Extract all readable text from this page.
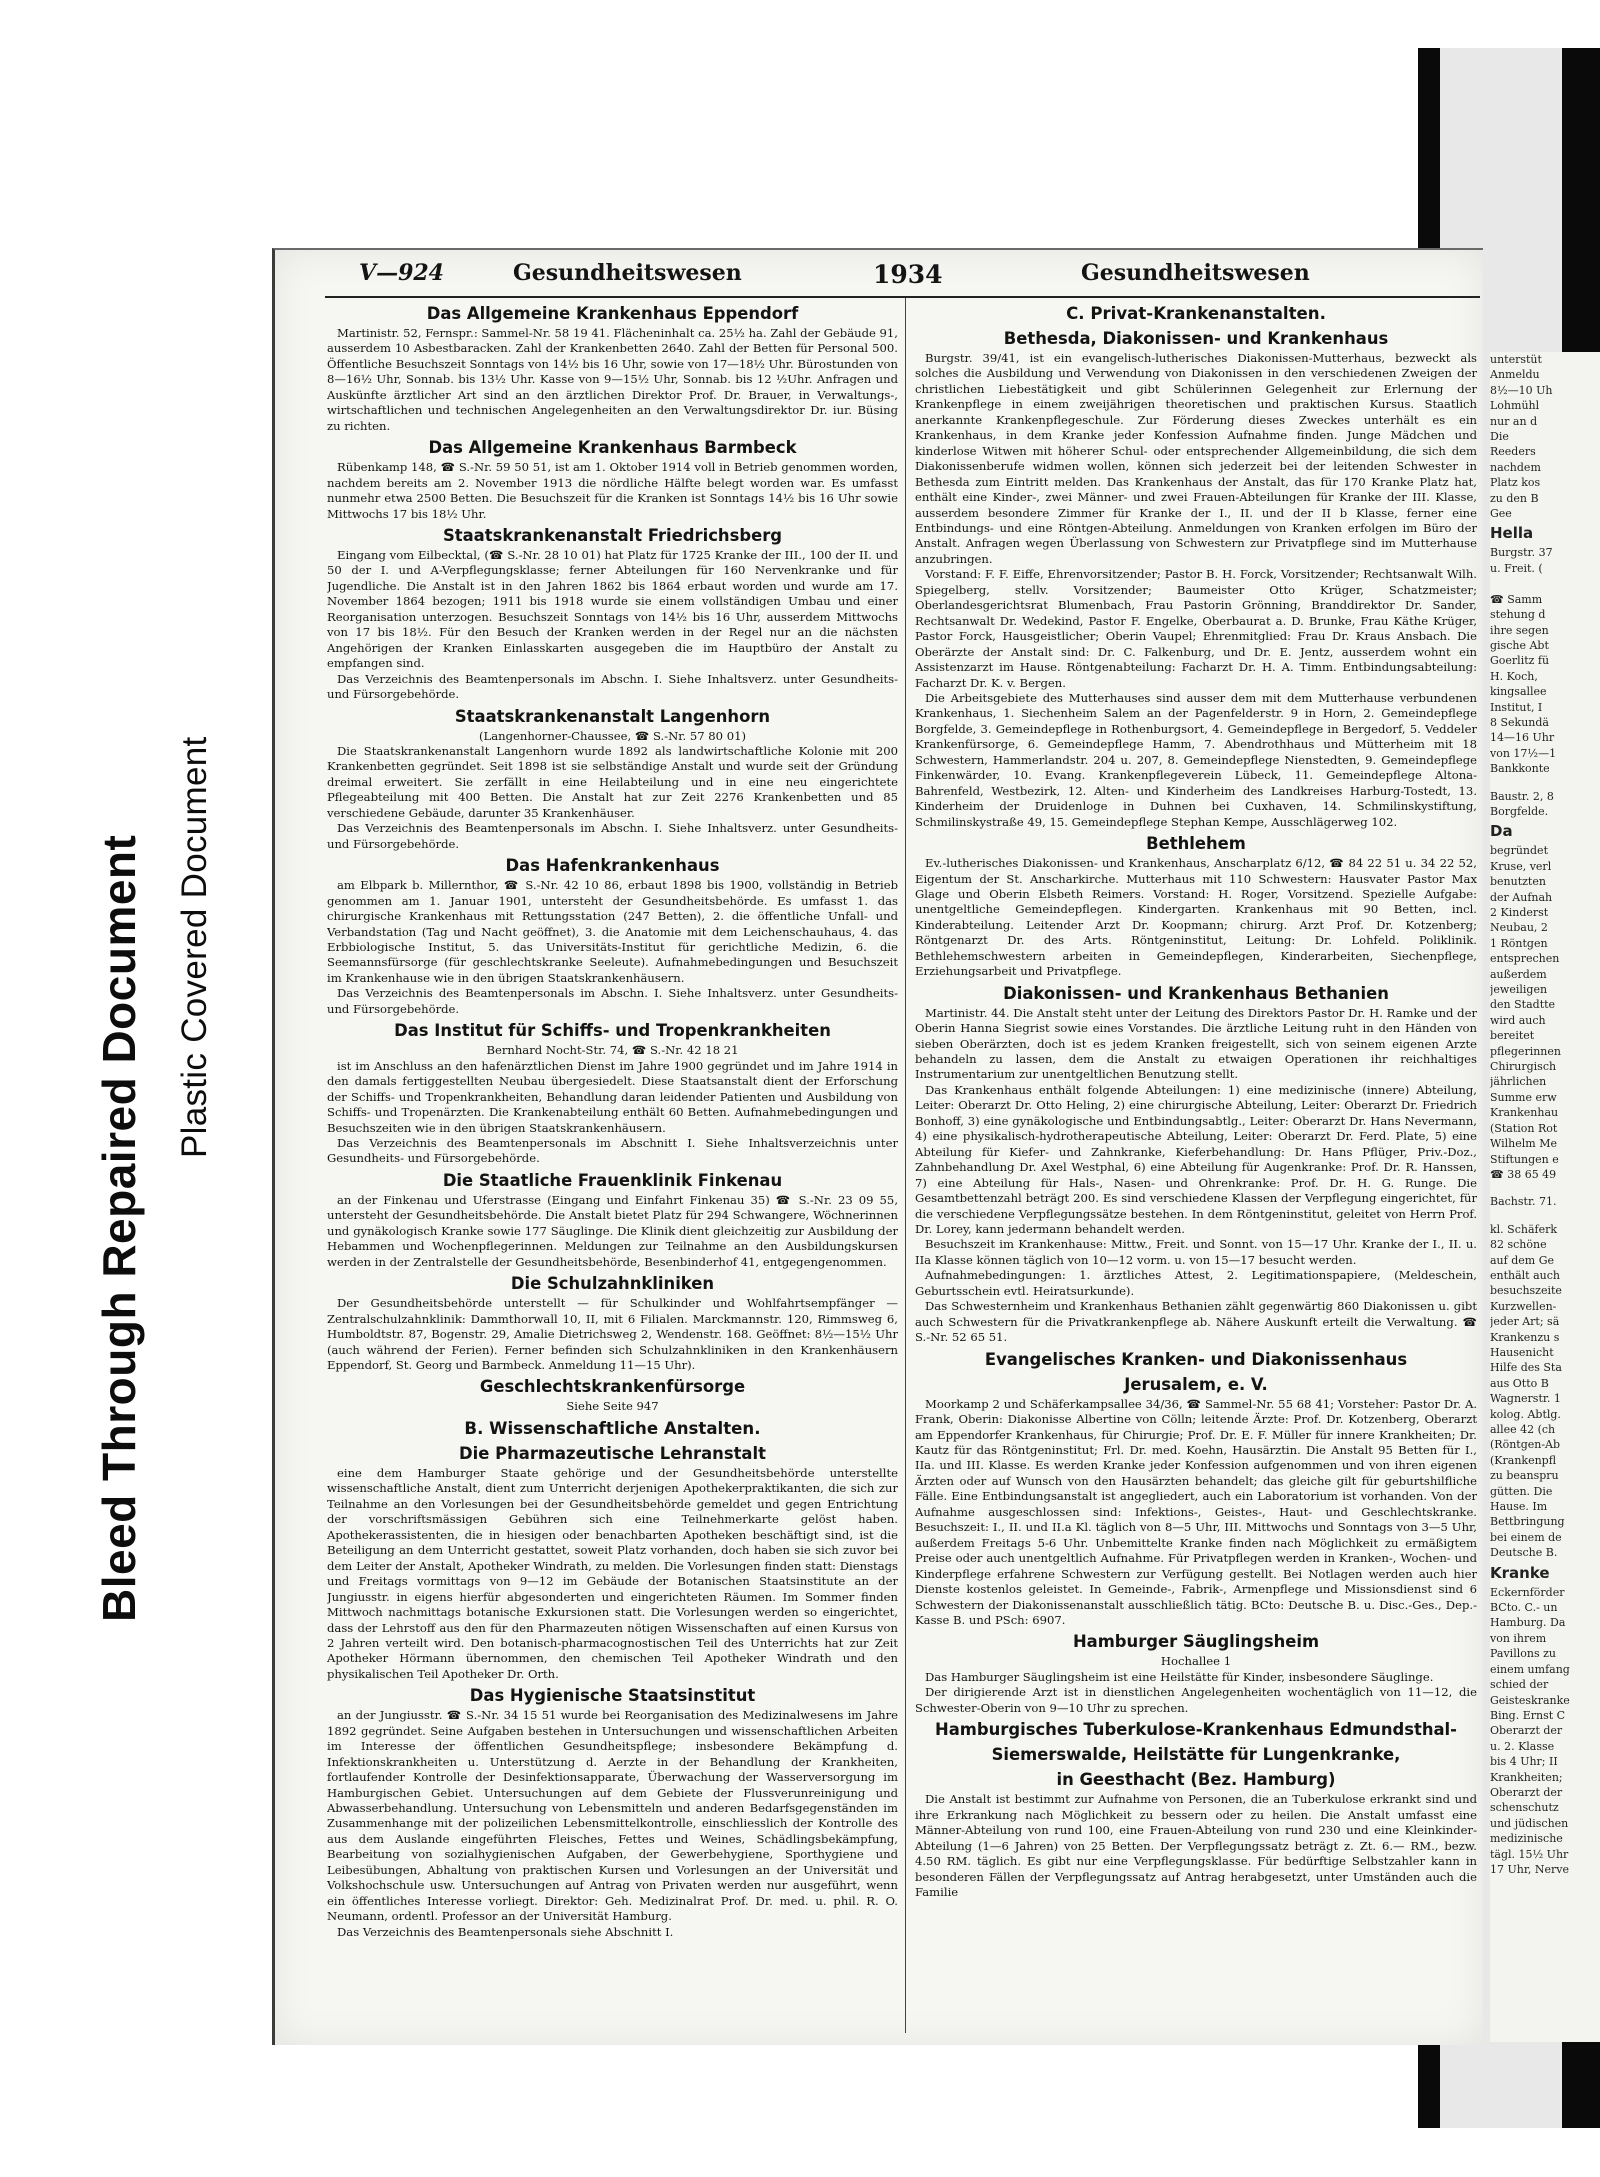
Bleed Through Repaired Document Plastic Covered Document
V—924	Gesundheitswesen	1934	Gesundheitswesen
Das Allgemeine Krankenhaus Eppendorf

Martinistr. 52, Fernspr.: Sammel-Nr. 58 19 41. Flächeninhalt ca. 25½ ha. Zahl der Gebäude 91, ausserdem 10 Asbestbaracken. Zahl der Krankenbetten 2640. Zahl der Betten für Personal 500. Öffentliche Besuchszeit Sonntags von 14½ bis 16 Uhr, sowie von 17—18½ Uhr. Bürostunden von 8—16½ Uhr, Sonnab. bis 13½ Uhr. Kasse von 9—15½ Uhr, Sonnab. bis 12 ½Uhr. Anfragen und Auskünfte ärztlicher Art sind an den ärztlichen Direktor Prof. Dr. Brauer, in Verwaltungs-, wirtschaftlichen und technischen Angelegenheiten an den Verwaltungsdirektor Dr. iur. Büsing zu richten.

Das Allgemeine Krankenhaus Barmbeck

Rübenkamp 148, ☎ S.-Nr. 59 50 51, ist am 1. Oktober 1914 voll in Betrieb genommen worden, nachdem bereits am 2. November 1913 die nördliche Hälfte belegt worden war. Es umfasst nunmehr etwa 2500 Betten. Die Besuchszeit für die Kranken ist Sonntags 14½ bis 16 Uhr sowie Mittwochs 17 bis 18½ Uhr.

Staatskrankenanstalt Friedrichsberg

Eingang vom Eilbecktal, (☎ S.-Nr. 28 10 01) hat Platz für 1725 Kranke der III., 100 der II. und 50 der I. und A-Verpflegungsklasse; ferner Abteilungen für 160 Nervenkranke und für Jugendliche. Die Anstalt ist in den Jahren 1862 bis 1864 erbaut worden und wurde am 17. November 1864 bezogen; 1911 bis 1918 wurde sie einem vollständigen Umbau und einer Reorganisation unterzogen. Besuchszeit Sonntags von 14½ bis 16 Uhr, ausserdem Mittwochs von 17 bis 18½. Für den Besuch der Kranken werden in der Regel nur an die nächsten Angehörigen der Kranken Einlasskarten ausgegeben die im Hauptbüro der Anstalt zu empfangen sind.

Das Verzeichnis des Beamtenpersonals im Abschn. I. Siehe Inhaltsverz. unter Gesundheits- und Fürsorgebehörde.

Staatskrankenanstalt Langenhorn
(Langenhorner-Chaussee, ☎ S.-Nr. 57 80 01)

Die Staatskrankenanstalt Langenhorn wurde 1892 als landwirtschaftliche Kolonie mit 200 Krankenbetten gegründet. Seit 1898 ist sie selbständige Anstalt und wurde seit der Gründung dreimal erweitert. Sie zerfällt in eine Heilabteilung und in eine neu eingerichtete Pflegeabteilung mit 400 Betten. Die Anstalt hat zur Zeit 2276 Krankenbetten und 85 verschiedene Gebäude, darunter 35 Krankenhäuser.

Das Verzeichnis des Beamtenpersonals im Abschn. I. Siehe Inhaltsverz. unter Gesundheits- und Fürsorgebehörde.

Das Hafenkrankenhaus

am Elbpark b. Millernthor, ☎ S.-Nr. 42 10 86, erbaut 1898 bis 1900, vollständig in Betrieb genommen am 1. Januar 1901, untersteht der Gesundheitsbehörde. Es umfasst 1. das chirurgische Krankenhaus mit Rettungsstation (247 Betten), 2. die öffentliche Unfall- und Verbandstation (Tag und Nacht geöffnet), 3. die Anatomie mit dem Leichenschauhaus, 4. das Erbbiologische Institut, 5. das Universitäts-Institut für gerichtliche Medizin, 6. die Seemannsfürsorge (für geschlechtskranke Seeleute). Aufnahmebedingungen und Besuchszeit im Krankenhause wie in den übrigen Staatskrankenhäusern.

Das Verzeichnis des Beamtenpersonals im Abschn. I. Siehe Inhaltsverz. unter Gesundheits- und Fürsorgebehörde.

Das Institut für Schiffs- und Tropenkrankheiten
Bernhard Nocht-Str. 74, ☎ S.-Nr. 42 18 21

ist im Anschluss an den hafenärztlichen Dienst im Jahre 1900 gegründet und im Jahre 1914 in den damals fertiggestellten Neubau übergesiedelt. Diese Staatsanstalt dient der Erforschung der Schiffs- und Tropenkrankheiten, Behandlung daran leidender Patienten und Ausbildung von Schiffs- und Tropenärzten. Die Krankenabteilung enthält 60 Betten. Aufnahmebedingungen und Besuchszeiten wie in den übrigen Staatskrankenhäusern.

Das Verzeichnis des Beamtenpersonals im Abschnitt I. Siehe Inhaltsverzeichnis unter Gesundheits- und Fürsorgebehörde.

Die Staatliche Frauenklinik Finkenau

an der Finkenau und Uferstrasse (Eingang und Einfahrt Finkenau 35) ☎ S.-Nr. 23 09 55, untersteht der Gesundheitsbehörde. Die Anstalt bietet Platz für 294 Schwangere, Wöchnerinnen und gynäkologisch Kranke sowie 177 Säuglinge. Die Klinik dient gleichzeitig zur Ausbildung der Hebammen und Wochenpflegerinnen. Meldungen zur Teilnahme an den Ausbildungskursen werden in der Zentralstelle der Gesundheitsbehörde, Besenbinderhof 41, entgegengenommen.

Die Schulzahnkliniken

Der Gesundheitsbehörde unterstellt — für Schulkinder und Wohlfahrtsempfänger — Zentralschulzahnklinik: Dammthorwall 10, II, mit 6 Filialen. Marckmannstr. 120, Rimmsweg 6, Humboldtstr. 87, Bogenstr. 29, Amalie Dietrichsweg 2, Wendenstr. 168. Geöffnet: 8½—15½ Uhr (auch während der Ferien). Ferner befinden sich Schulzahnkliniken in den Krankenhäusern Eppendorf, St. Georg und Barmbeck. Anmeldung 11—15 Uhr).

Geschlechtskrankenfürsorge
Siehe Seite 947
B. Wissenschaftliche Anstalten.
Die Pharmazeutische Lehranstalt

eine dem Hamburger Staate gehörige und der Gesundheitsbehörde unterstellte wissenschaftliche Anstalt, dient zum Unterricht derjenigen Apothekerpraktikanten, die sich zur Teilnahme an den Vorlesungen bei der Gesundheitsbehörde gemeldet und gegen Entrichtung der vorschriftsmässigen Gebühren sich eine Teilnehmerkarte gelöst haben. Apothekerassistenten, die in hiesigen oder benachbarten Apotheken beschäftigt sind, ist die Beteiligung an dem Unterricht gestattet, soweit Platz vorhanden, doch haben sie sich zuvor bei dem Leiter der Anstalt, Apotheker Windrath, zu melden. Die Vorlesungen finden statt: Dienstags und Freitags vormittags von 9—12 im Gebäude der Botanischen Staatsinstitute an der Jungiusstr. in eigens hierfür abgesonderten und eingerichteten Räumen. Im Sommer finden Mittwoch nachmittags botanische Exkursionen statt. Die Vorlesungen werden so eingerichtet, dass der Lehrstoff aus den für den Pharmazeuten nötigen Wissenschaften auf einen Kursus von 2 Jahren verteilt wird. Den botanisch-pharmacognostischen Teil des Unterrichts hat zur Zeit Apotheker Hörmann übernommen, den chemischen Teil Apotheker Windrath und den physikalischen Teil Apotheker Dr. Orth.

Das Hygienische Staatsinstitut

an der Jungiusstr. ☎ S.-Nr. 34 15 51 wurde bei Reorganisation des Medizinalwesens im Jahre 1892 gegründet. Seine Aufgaben bestehen in Untersuchungen und wissenschaftlichen Arbeiten im Interesse der öffentlichen Gesundheitspflege; insbesondere Bekämpfung d. Infektionskrankheiten u. Unterstützung d. Aerzte in der Behandlung der Krankheiten, fortlaufender Kontrolle der Desinfektionsapparate, Überwachung der Wasserversorgung im Hamburgischen Gebiet. Untersuchungen auf dem Gebiete der Flussverunreinigung und Abwasserbehandlung. Untersuchung von Lebensmitteln und anderen Bedarfsgegenständen im Zusammenhange mit der polizeilichen Lebensmittelkontrolle, einschliesslich der Kontrolle des aus dem Auslande eingeführten Fleisches, Fettes und Weines, Schädlingsbekämpfung, Bearbeitung von sozialhygienischen Aufgaben, der Gewerbehygiene, Sporthygiene und Leibesübungen, Abhaltung von praktischen Kursen und Vorlesungen an der Universität und Volkshochschule usw. Untersuchungen auf Antrag von Privaten werden nur ausgeführt, wenn ein öffentliches Interesse vorliegt. Direktor: Geh. Medizinalrat Prof. Dr. med. u. phil. R. O. Neumann, ordentl. Professor an der Universität Hamburg.

Das Verzeichnis des Beamtenpersonals siehe Abschnitt I.

C. Privat-Krankenanstalten.
Bethesda, Diakonissen- und Krankenhaus

Burgstr. 39/41, ist ein evangelisch-lutherisches Diakonissen-Mutterhaus, bezweckt als solches die Ausbildung und Verwendung von Diakonissen in den verschiedenen Zweigen der christlichen Liebestätigkeit und gibt Schülerinnen Gelegenheit zur Erlernung der Krankenpflege in einem zweijährigen theoretischen und praktischen Kursus. Staatlich anerkannte Krankenpflegeschule. Zur Förderung dieses Zweckes unterhält es ein Krankenhaus, in dem Kranke jeder Konfession Aufnahme finden. Junge Mädchen und kinderlose Witwen mit höherer Schul- oder entsprechender Allgemeinbildung, die sich dem Diakonissenberufe widmen wollen, können sich jederzeit bei der leitenden Schwester in Bethesda zum Eintritt melden. Das Krankenhaus der Anstalt, das für 170 Kranke Platz hat, enthält eine Kinder-, zwei Männer- und zwei Frauen-Abteilungen für Kranke der III. Klasse, ausserdem besondere Zimmer für Kranke der I., II. und der II b Klasse, ferner eine Entbindungs- und eine Röntgen-Abteilung. Anmeldungen von Kranken erfolgen im Büro der Anstalt. Anfragen wegen Überlassung von Schwestern zur Privatpflege sind im Mutterhause anzubringen.

Vorstand: F. F. Eiffe, Ehrenvorsitzender; Pastor B. H. Forck, Vorsitzender; Rechtsanwalt Wilh. Spiegelberg, stellv. Vorsitzender; Baumeister Otto Krüger, Schatzmeister; Oberlandesgerichtsrat Blumenbach, Frau Pastorin Grönning, Branddirektor Dr. Sander, Rechtsanwalt Dr. Wedekind, Pastor F. Engelke, Oberbaurat a. D. Brunke, Frau Käthe Krüger, Pastor Forck, Hausgeistlicher; Oberin Vaupel; Ehrenmitglied: Frau Dr. Kraus Ansbach. Die Oberärzte der Anstalt sind: Dr. C. Falkenburg, und Dr. E. Jentz, ausserdem wohnt ein Assistenzarzt im Hause. Röntgenabteilung: Facharzt Dr. H. A. Timm. Entbindungsabteilung: Facharzt Dr. K. v. Bergen.

Die Arbeitsgebiete des Mutterhauses sind ausser dem mit dem Mutterhause verbundenen Krankenhaus, 1. Siechenheim Salem an der Pagenfelderstr. 9 in Horn, 2. Gemeindepflege Borgfelde, 3. Gemeindepflege in Rothenburgsort, 4. Gemeindepflege in Bergedorf, 5. Veddeler Krankenfürsorge, 6. Gemeindepflege Hamm, 7. Abendrothhaus und Mütterheim mit 18 Schwestern, Hammerlandstr. 204 u. 207, 8. Gemeindepflege Nienstedten, 9. Gemeindepflege Finkenwärder, 10. Evang. Krankenpflegeverein Lübeck, 11. Gemeindepflege Altona-Bahrenfeld, Westbezirk, 12. Alten- und Kinderheim des Landkreises Harburg-Tostedt, 13. Kinderheim der Druidenloge in Duhnen bei Cuxhaven, 14. Schmilinskystiftung, Schmilinskystraße 49, 15. Gemeindepflege Stephan Kempe, Ausschlägerweg 102.

Bethlehem

Ev.-lutherisches Diakonissen- und Krankenhaus, Anscharplatz 6/12, ☎ 84 22 51 u. 34 22 52, Eigentum der St. Anscharkirche. Mutterhaus mit 110 Schwestern: Hausvater Pastor Max Glage und Oberin Elsbeth Reimers. Vorstand: H. Roger, Vorsitzend. Spezielle Aufgabe: unentgeltliche Gemeindepflegen. Kindergarten. Krankenhaus mit 90 Betten, incl. Kinderabteilung. Leitender Arzt Dr. Koopmann; chirurg. Arzt Prof. Dr. Kotzenberg; Röntgenarzt Dr. des Arts. Röntgeninstitut, Leitung: Dr. Lohfeld. Poliklinik. Bethlehemschwestern arbeiten in Gemeindepflegen, Kinderarbeiten, Siechenpflege, Erziehungsarbeit und Privatpflege.

Diakonissen- und Krankenhaus Bethanien

Martinistr. 44. Die Anstalt steht unter der Leitung des Direktors Pastor Dr. H. Ramke und der Oberin Hanna Siegrist sowie eines Vorstandes. Die ärztliche Leitung ruht in den Händen von sieben Oberärzten, doch ist es jedem Kranken freigestellt, sich von seinem eigenen Arzte behandeln zu lassen, dem die Anstalt zu etwaigen Operationen ihr reichhaltiges Instrumentarium zur unentgeltlichen Benutzung stellt.

Das Krankenhaus enthält folgende Abteilungen: 1) eine medizinische (innere) Abteilung, Leiter: Oberarzt Dr. Otto Heling, 2) eine chirurgische Abteilung, Leiter: Oberarzt Dr. Friedrich Bonhoff, 3) eine gynäkologische und Entbindungsabtlg., Leiter: Oberarzt Dr. Hans Nevermann, 4) eine physikalisch-hydrotherapeutische Abteilung, Leiter: Oberarzt Dr. Ferd. Plate, 5) eine Abteilung für Kiefer- und Zahnkranke, Kieferbehandlung: Dr. Hans Pflüger, Priv.-Doz., Zahnbehandlung Dr. Axel Westphal, 6) eine Abteilung für Augenkranke: Prof. Dr. R. Hanssen, 7) eine Abteilung für Hals-, Nasen- und Ohrenkranke: Prof. Dr. H. G. Runge. Die Gesamtbettenzahl beträgt 200. Es sind verschiedene Klassen der Verpflegung eingerichtet, für die verschiedene Verpflegungssätze bestehen. In dem Röntgeninstitut, geleitet von Herrn Prof. Dr. Lorey, kann jedermann behandelt werden.

Besuchszeit im Krankenhause: Mittw., Freit. und Sonnt. von 15—17 Uhr. Kranke der I., II. u. IIa Klasse können täglich von 10—12 vorm. u. von 15—17 besucht werden.

Aufnahmebedingungen: 1. ärztliches Attest, 2. Legitimationspapiere, (Meldeschein, Geburtsschein evtl. Heiratsurkunde).

Das Schwesternheim und Krankenhaus Bethanien zählt gegenwärtig 860 Diakonissen u. gibt auch Schwestern für die Privatkrankenpflege ab. Nähere Auskunft erteilt die Verwaltung. ☎ S.-Nr. 52 65 51.

Evangelisches Kranken- und Diakonissenhaus
Jerusalem, e. V.

Moorkamp 2 und Schäferkampsallee 34/36, ☎ Sammel-Nr. 55 68 41; Vorsteher: Pastor Dr. A. Frank, Oberin: Diakonisse Albertine von Cölln; leitende Ärzte: Prof. Dr. Kotzenberg, Oberarzt am Eppendorfer Krankenhaus, für Chirurgie; Prof. Dr. E. F. Müller für innere Krankheiten; Dr. Kautz für das Röntgeninstitut; Frl. Dr. med. Koehn, Hausärztin. Die Anstalt 95 Betten für I., IIa. und III. Klasse. Es werden Kranke jeder Konfession aufgenommen und von ihren eigenen Ärzten oder auf Wunsch von den Hausärzten behandelt; das gleiche gilt für geburtshilfliche Fälle. Eine Entbindungsanstalt ist angegliedert, auch ein Laboratorium ist vorhanden. Von der Aufnahme ausgeschlossen sind: Infektions-, Geistes-, Haut- und Geschlechtskranke. Besuchszeit: I., II. und II.a Kl. täglich von 8—5 Uhr, III. Mittwochs und Sonntags von 3—5 Uhr, außerdem Freitags 5-6 Uhr. Unbemittelte Kranke finden nach Möglichkeit zu ermäßigtem Preise oder auch unentgeltlich Aufnahme. Für Privatpflegen werden in Kranken-, Wochen- und Kinderpflege erfahrene Schwestern zur Verfügung gestellt. Bei Notlagen werden auch hier Dienste kostenlos geleistet. In Gemeinde-, Fabrik-, Armenpflege und Missionsdienst sind 6 Schwestern der Diakonissenanstalt ausschließlich tätig. BCto: Deutsche B. u. Disc.-Ges., Dep.-Kasse B. und PSch: 6907.

Hamburger Säuglingsheim
Hochallee 1

Das Hamburger Säuglingsheim ist eine Heilstätte für Kinder, insbesondere Säuglinge.

Der dirigierende Arzt ist in dienstlichen Angelegenheiten wochentäglich von 11—12, die Schwester-Oberin von 9—10 Uhr zu sprechen.

Hamburgisches Tuberkulose-Krankenhaus Edmundsthal-
Siemerswalde, Heilstätte für Lungenkranke,
in Geesthacht (Bez. Hamburg)

Die Anstalt ist bestimmt zur Aufnahme von Personen, die an Tuberkulose erkrankt sind und ihre Erkrankung nach Möglichkeit zu bessern oder zu heilen. Die Anstalt umfasst eine Männer-Abteilung von rund 100, eine Frauen-Abteilung von rund 230 und eine Kleinkinder-Abteilung (1—6 Jahren) von 25 Betten. Der Verpflegungssatz beträgt z. Zt. 6.— RM., bezw. 4.50 RM. täglich. Es gibt nur eine Verpflegungsklasse. Für bedürftige Selbstzahler kann in besonderen Fällen der Verpflegungssatz auf Antrag herabgesetzt, unter Umständen auch die Familie

unterstüt
Anmeldu
8½—10 Uh
Lohmühl
nur an d
Die
Reeders
nachdem
Platz kos
zu den B
Gee
Hella
Burgstr. 37
u. Freit. (

☎ Samm
stehung d
ihre segen
gische Abt
Goerlitz fü
H. Koch,
kingsallee
Institut, I
8 Sekundä
14—16 Uhr
von 17½—1
Bankkonte
Baustr. 2, 8
Borgfelde.
Da
begründet
Kruse, verl
benutzten
der Aufnah
2 Kinderst
Neubau, 2
1 Röntgen
entsprechen
außerdem
jeweiligen
den Stadtte
wird auch
bereitet
pflegerinnen
Chirurgisch
jährlichen
Summe erw
Krankenhau
(Station Rot
Wilhelm Me
Stiftungen e
☎ 38 65 49
Bachstr. 71.
kl. Schäferk
82 schöne
auf dem Ge
enthält auch
besuchszeite
Kurzwellen-
jeder Art; sä
Krankenzu s
Hausenicht
Hilfe des Sta
aus Otto B
Wagnerstr. 1
kolog. Abtlg.
allee 42 (ch
(Röntgen-Ab
(Krankenpfl
zu beanspru
gütten. Die
Hause. Im
Bettbringung
bei einem de
Deutsche B.
Kranke
Eckernförder
BCto. C.- un
Hamburg. Da
von ihrem
Pavillons zu
einem umfang
schied der
Geisteskranke
Bing. Ernst C
Oberarzt der
u. 2. Klasse
bis 4 Uhr; II
Krankheiten;
Oberarzt der
schenschutz
und jüdischen
medizinische
tägl. 15½ Uhr
17 Uhr, Nerve
